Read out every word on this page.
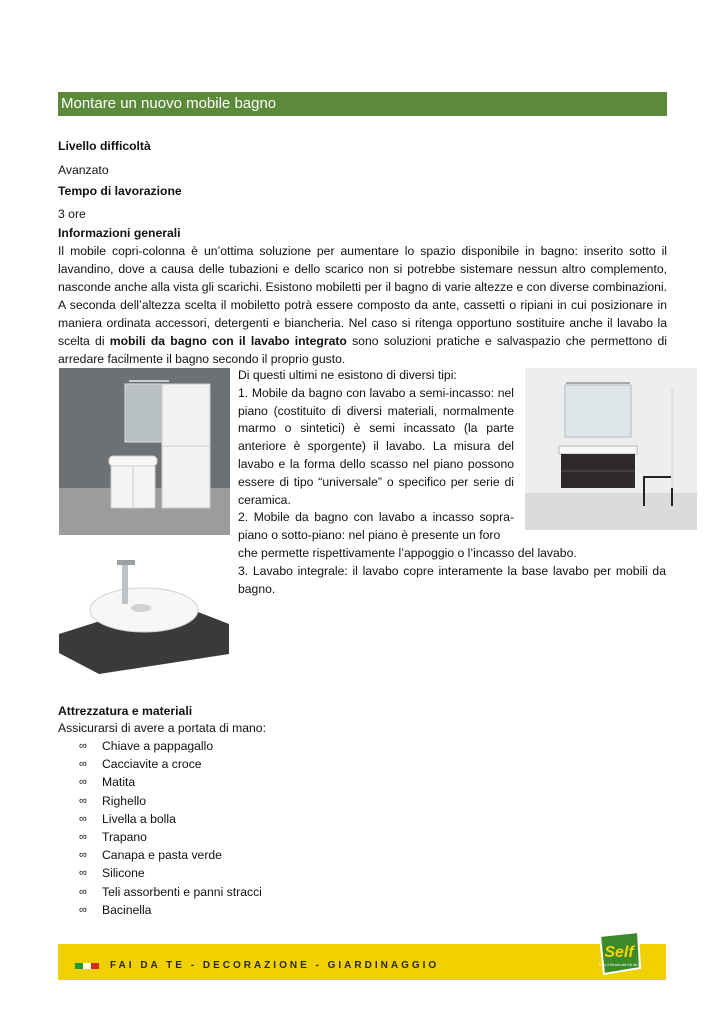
Montare un nuovo mobile bagno
Livello difficoltà
Avanzato
Tempo di lavorazione
3 ore
Informazioni generali

Il mobile copri-colonna è un’ottima soluzione per aumentare lo spazio disponibile in bagno: inserito sotto il lavandino, dove a causa delle tubazioni e dello scarico non si potrebbe sistemare nessun altro complemento, nasconde anche alla vista gli scarichi. Esistono mobiletti per il bagno di varie altezze e con diverse combinazioni. A seconda dell’altezza scelta il mobiletto potrà essere composto da ante, cassetti o ripiani in cui posizionare in maniera ordinata accessori, detergenti e biancheria. Nel caso si ritenga opportuno sostituire anche il lavabo la scelta di mobili da bagno con il lavabo integrato sono soluzioni pratiche e salvaspazio che permettono di arredare facilmente il bagno secondo il proprio gusto.

Di questi ultimi ne esistono di diversi tipi:

1. Mobile da bagno con lavabo a semi-incasso: nel piano (costituito di diversi materiali, normalmente marmo o sintetici) è semi incassato (la parte anteriore è sporgente) il lavabo. La misura del lavabo e la forma dello scasso nel piano possono essere di tipo “universale” o specifico per serie di ceramica.

2. Mobile da bagno con lavabo a incasso sopra-piano o sotto-piano: nel piano è presente un foro

che permette rispettivamente l’appoggio o l’incasso del lavabo.
3. Lavabo integrale: il lavabo copre interamente la base lavabo per mobili da bagno.
Attrezzatura e materiali
Assicurarsi di avere a portata di mano:
∞ Chiave a pappagallo
∞ Cacciavite a croce
∞ Matita
∞ Righello
∞ Livella a bolla
∞ Trapano
∞ Canapa e pasta verde
∞ Silicone
∞ Teli assorbenti e panni stracci
∞ Bacinella
FAI DA TE - DECORAZIONE - GIARDINAGGIO
Self
Tutto il Mondo del Fai da Te
